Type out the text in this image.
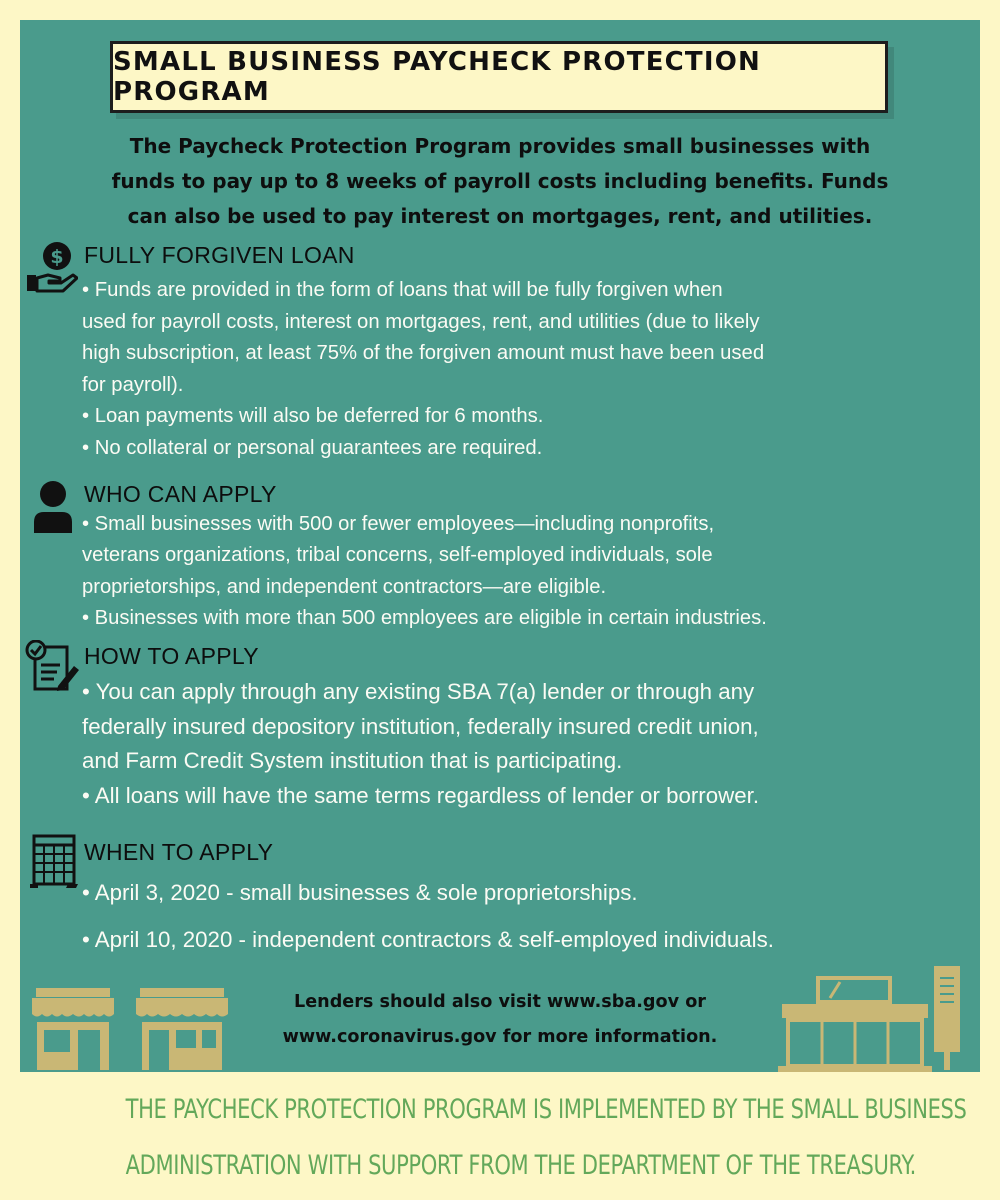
SMALL BUSINESS PAYCHECK PROTECTION PROGRAM

The Paycheck Protection Program provides small businesses with
funds to pay up to 8 weeks of payroll costs including benefits. Funds
can also be used to pay interest on mortgages, rent, and utilities.

$ FULLY FORGIVEN LOAN
• Funds are provided in the form of loans that will be fully forgiven when
used for payroll costs, interest on mortgages, rent, and utilities (due to likely
high subscription, at least 75% of the forgiven amount must have been used
for payroll).
• Loan payments will also be deferred for 6 months.
• No collateral or personal guarantees are required.
WHO CAN APPLY
• Small businesses with 500 or fewer employees—including nonprofits,
veterans organizations, tribal concerns, self-employed individuals, sole
proprietorships, and independent contractors—are eligible.
• Businesses with more than 500 employees are eligible in certain industries.
HOW TO APPLY
• You can apply through any existing SBA 7(a) lender or through any
federally insured depository institution, federally insured credit union,
and Farm Credit System institution that is participating.
• All loans will have the same terms regardless of lender or borrower.
WHEN TO APPLY
• April 3, 2020 - small businesses & sole proprietorships.
• April 10, 2020 - independent contractors & self-employed individuals.

Lenders should also visit www.sba.gov or
www.coronavirus.gov for more information.

THE PAYCHECK PROTECTION PROGRAM IS IMPLEMENTED BY THE SMALL BUSINESS
ADMINISTRATION WITH SUPPORT FROM THE DEPARTMENT OF THE TREASURY.
